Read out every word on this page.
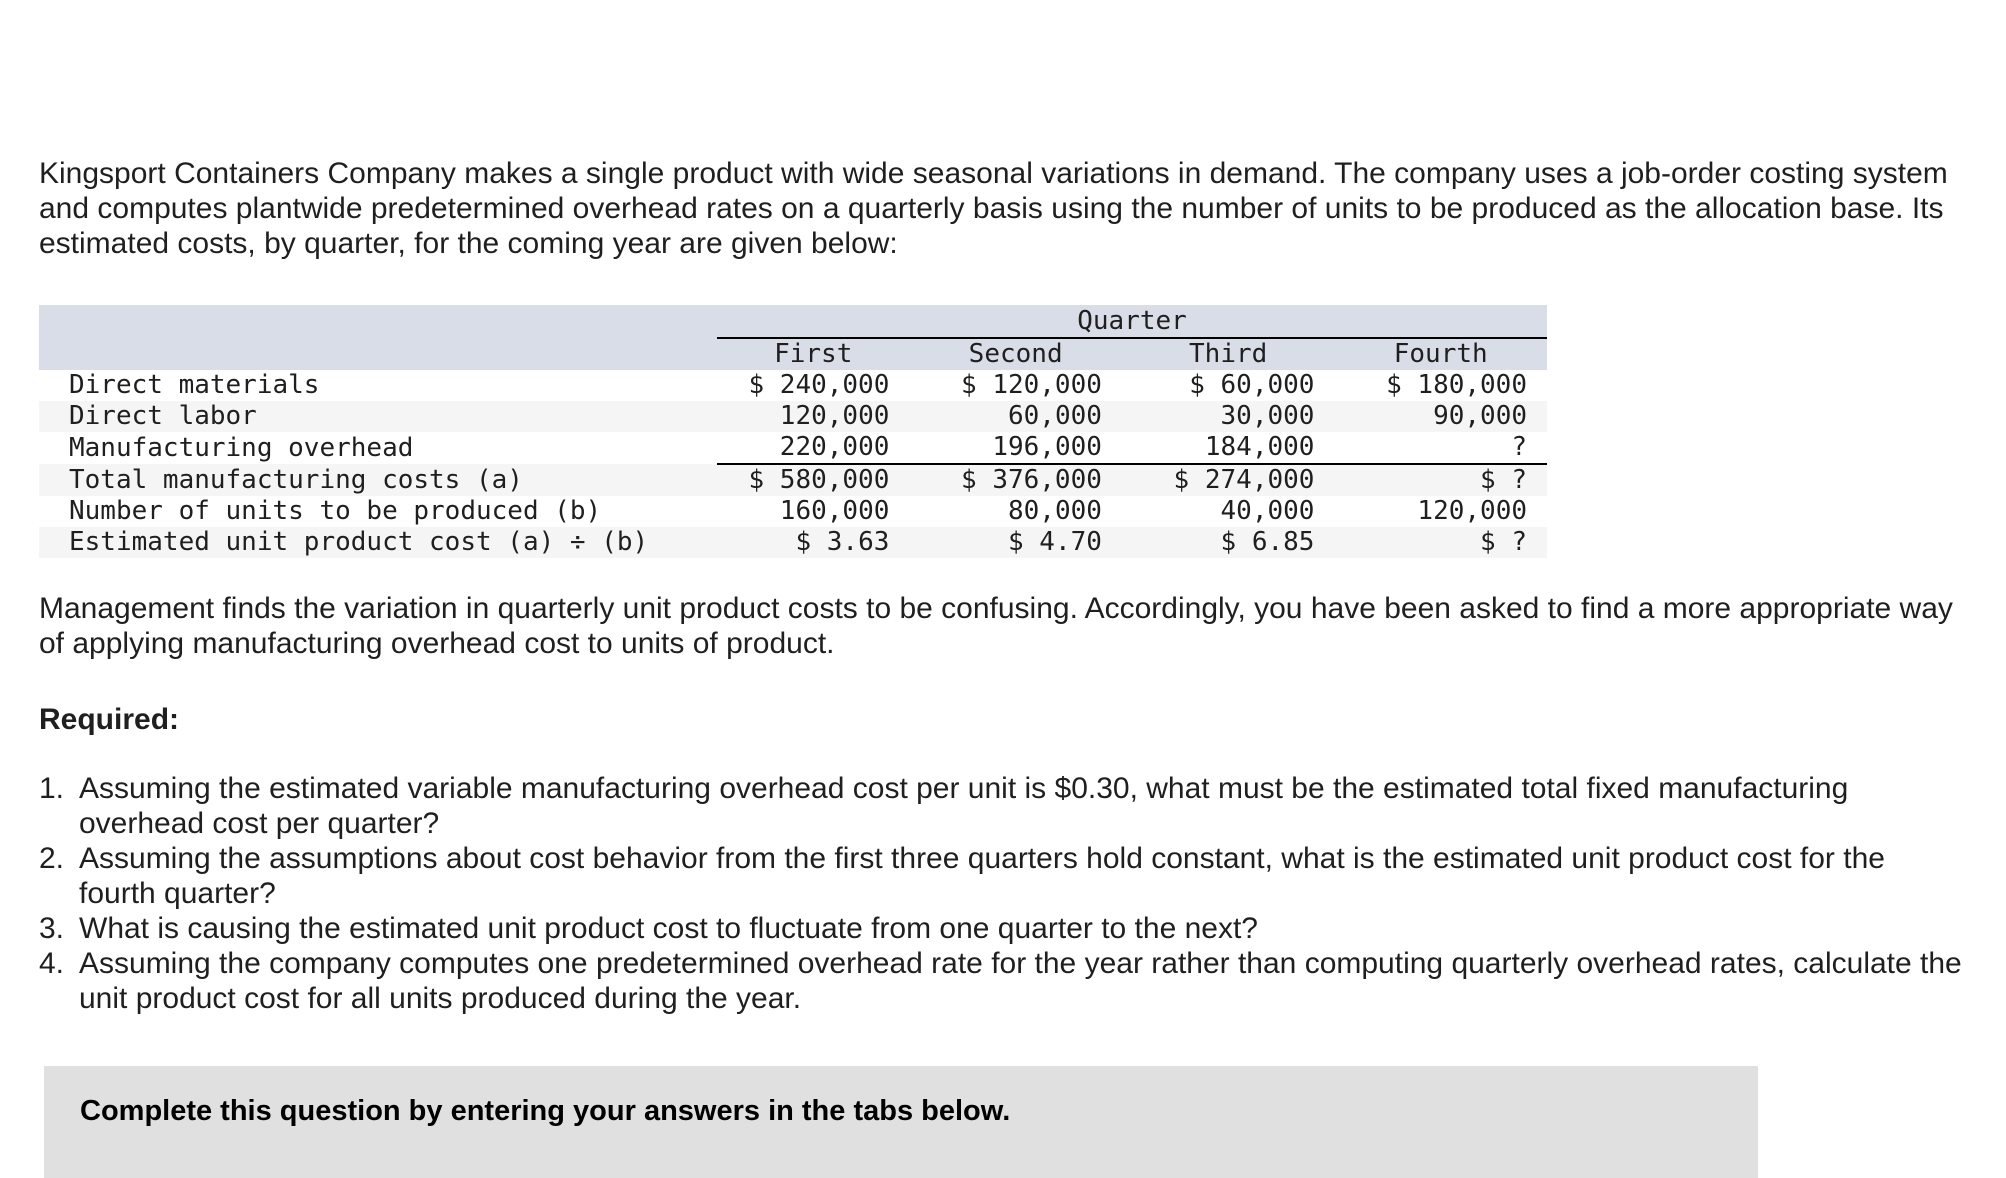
Kingsport Containers Company makes a single product with wide seasonal variations in demand. The company uses a job-order costing system and computes plantwide predetermined overhead rates on a quarterly basis using the number of units to be produced as the allocation base. Its estimated costs, by quarter, for the coming year are given below:

	Quarter			
	First	Second	Third	Fourth
Direct materials	$ 240,000	$ 120,000	$ 60,000	$ 180,000
Direct labor	120,000	60,000	30,000	90,000
Manufacturing overhead	220,000	196,000	184,000	?
Total manufacturing costs (a)	$ 580,000	$ 376,000	$ 274,000	$ ?
Number of units to be produced (b)	160,000	80,000	40,000	120,000
Estimated unit product cost (a) ÷ (b)	$ 3.63	$ 4.70	$ 6.85	$ ?

Management finds the variation in quarterly unit product costs to be confusing. Accordingly, you have been asked to find a more appropriate way of applying manufacturing overhead cost to units of product.

Required:

1. Assuming the estimated variable manufacturing overhead cost per unit is $0.30, what must be the estimated total fixed manufacturing overhead cost per quarter?
2. Assuming the assumptions about cost behavior from the first three quarters hold constant, what is the estimated unit product cost for the fourth quarter?
3. What is causing the estimated unit product cost to fluctuate from one quarter to the next?
4. Assuming the company computes one predetermined overhead rate for the year rather than computing quarterly overhead rates, calculate the unit product cost for all units produced during the year.

Complete this question by entering your answers in the tabs below.
